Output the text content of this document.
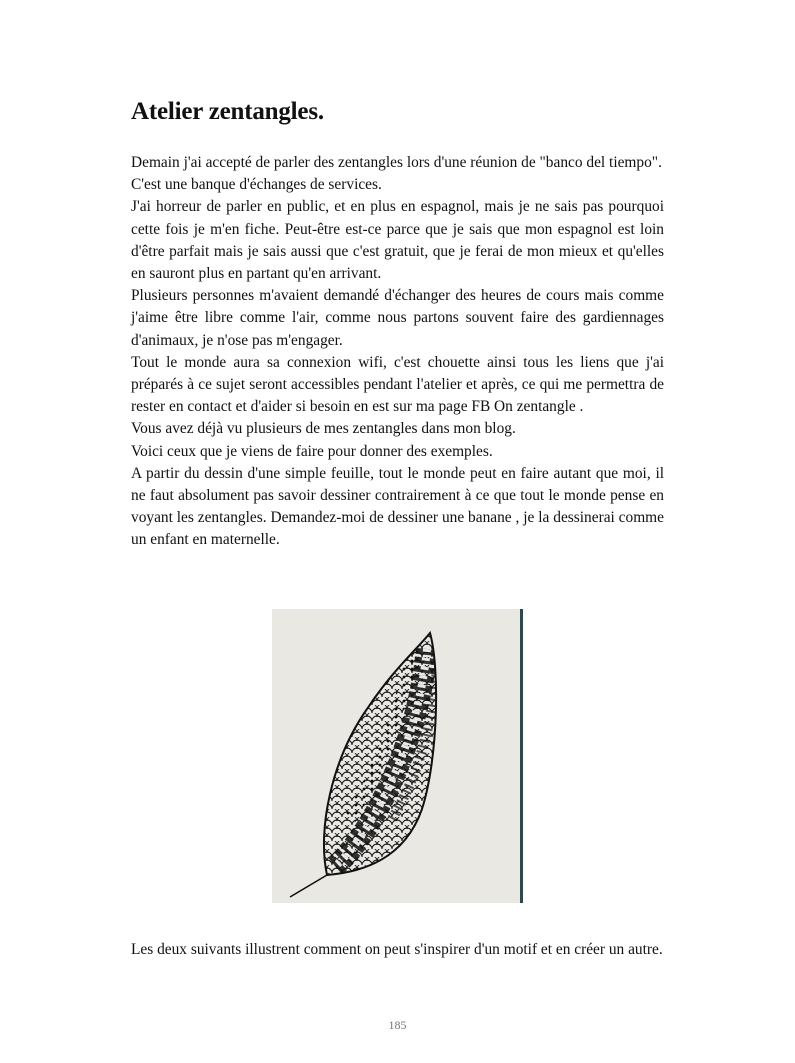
Atelier zentangles.

Demain j'ai accepté de parler des zentangles lors d'une réunion de "banco del tiempo".

C'est une banque d'échanges de services.

J'ai horreur de parler en public, et en plus en espagnol, mais je ne sais pas pourquoi cette fois je m'en fiche. Peut-être est-ce parce que je sais que mon espagnol est loin d'être parfait mais je sais aussi que c'est gratuit, que je ferai de mon mieux et qu'elles en sauront plus en partant qu'en arrivant.

Plusieurs personnes m'avaient demandé d'échanger des heures de cours mais comme j'aime être libre comme l'air, comme nous partons souvent faire des gardiennages d'animaux, je n'ose pas m'engager.

Tout le monde aura sa connexion wifi, c'est chouette ainsi tous les liens que j'ai préparés à ce sujet seront accessibles pendant l'atelier et après, ce qui me permettra de rester en contact et d'aider si besoin en est sur ma page FB On zentangle .

Vous avez déjà vu plusieurs de mes zentangles dans mon blog.

Voici ceux que je viens de faire pour donner des exemples.

A partir du dessin d'une simple feuille, tout le monde peut en faire autant que moi, il ne faut absolument pas savoir dessiner contrairement à ce que tout le monde pense en voyant les zentangles. Demandez-moi de dessiner une banane , je la dessinerai comme un enfant en maternelle.

Les deux suivants illustrent comment on peut s'inspirer d'un motif et en créer un autre.

185
